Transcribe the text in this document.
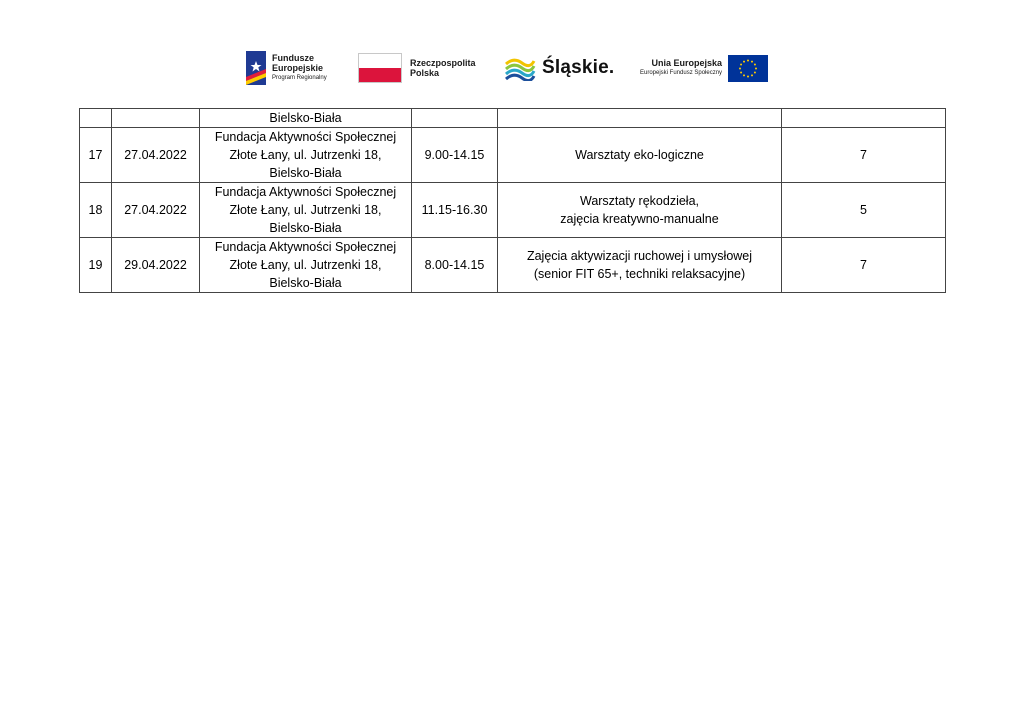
Fundusze
Europejskie
Program Regionalny
Rzeczpospolita
Polska	Śląskie.	Unia Europejska
Europejski Fundusz Społeczny
		Bielsko-Biała			
17	27.04.2022	Fundacja Aktywności Społecznej
Złote Łany, ul. Jutrzenki 18,
Bielsko-Biała	9.00-14.15	Warsztaty eko-logiczne	7
18	27.04.2022	Fundacja Aktywności Społecznej
Złote Łany, ul. Jutrzenki 18,
Bielsko-Biała	11.15-16.30	Warsztaty rękodzieła,
zajęcia kreatywno-manualne	5
19	29.04.2022	Fundacja Aktywności Społecznej
Złote Łany, ul. Jutrzenki 18,
Bielsko-Biała	8.00-14.15	Zajęcia aktywizacji ruchowej i umysłowej
(senior FIT 65+, techniki relaksacyjne)	7
